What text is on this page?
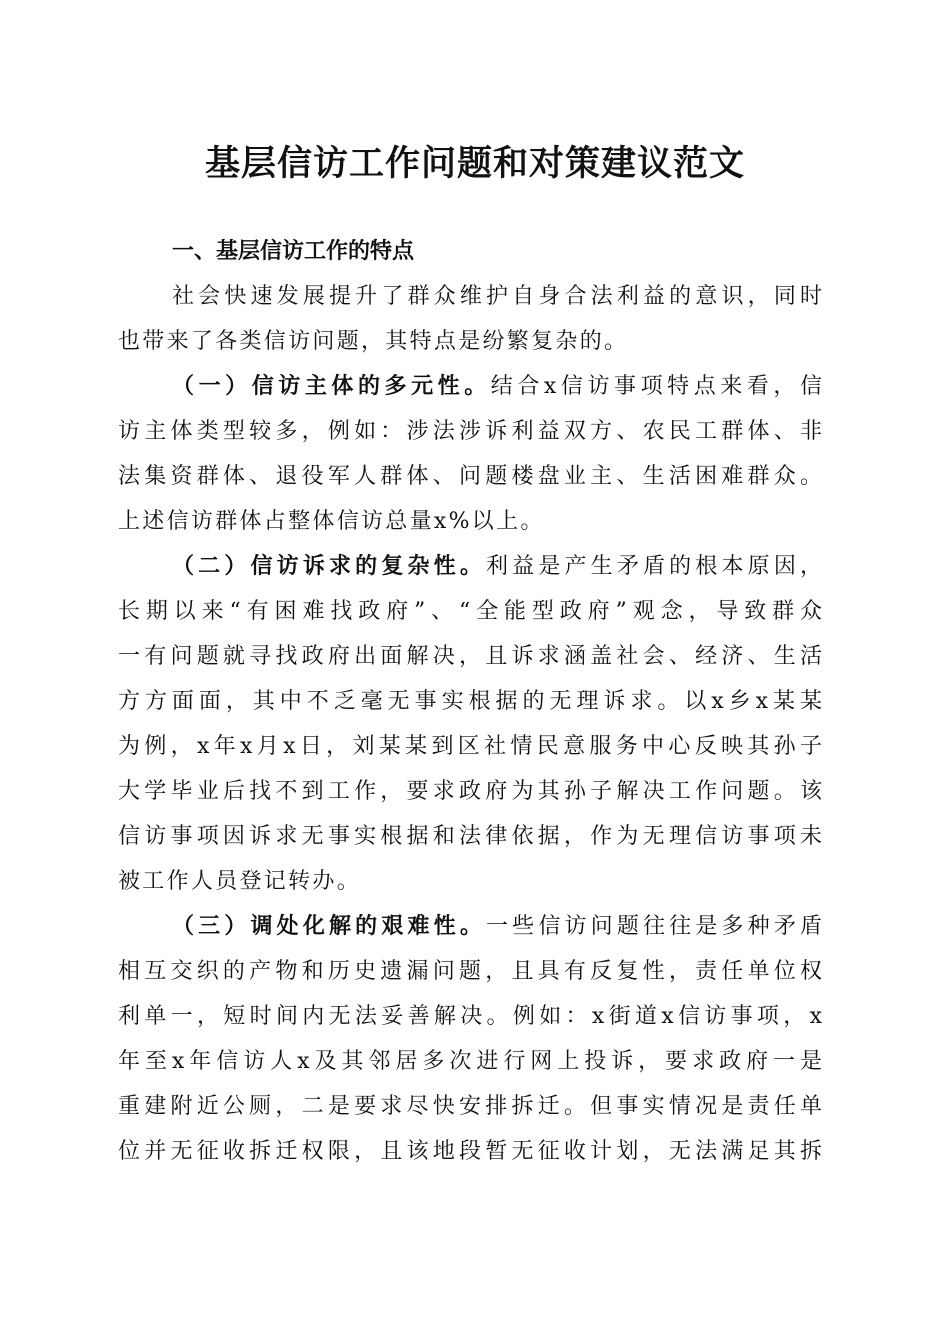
基层信访工作问题和对策建议范文
一、基层信访工作的特点
社会快速发展提升了群众维护自身合法利益的意识，同时
也带来了各类信访问题，其特点是纷繁复杂的。
（一）信访主体的多元性。结合x信访事项特点来看，信
访主体类型较多，例如：涉法涉诉利益双方、农民工群体、非
法集资群体、退役军人群体、问题楼盘业主、生活困难群众。
上述信访群体占整体信访总量x%以上。
（二）信访诉求的复杂性。利益是产生矛盾的根本原因，
长期以来“有困难找政府”、“全能型政府”观念，导致群众
一有问题就寻找政府出面解决，且诉求涵盖社会、经济、生活
方方面面，其中不乏毫无事实根据的无理诉求。以x乡x某某
为例，x年x月x日，刘某某到区社情民意服务中心反映其孙子
大学毕业后找不到工作，要求政府为其孙子解决工作问题。该
信访事项因诉求无事实根据和法律依据，作为无理信访事项未
被工作人员登记转办。
（三）调处化解的艰难性。一些信访问题往往是多种矛盾
相互交织的产物和历史遗漏问题，且具有反复性，责任单位权
利单一，短时间内无法妥善解决。例如：x街道x信访事项，x
年至x年信访人x及其邻居多次进行网上投诉，要求政府一是
重建附近公厕，二是要求尽快安排拆迁。但事实情况是责任单
位并无征收拆迁权限，且该地段暂无征收计划，无法满足其拆
